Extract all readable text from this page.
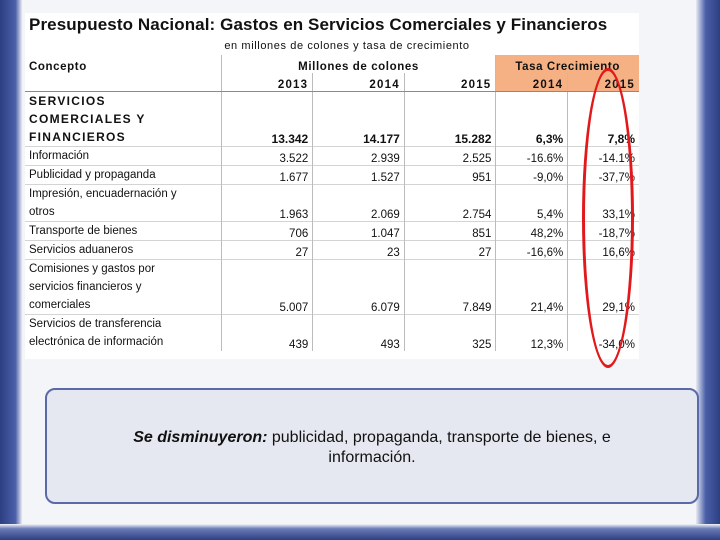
Presupuesto Nacional: Gastos en Servicios Comerciales y Financieros
en millones de colones y tasa de crecimiento
Concepto	Millones de colones			Tasa Crecimiento	
	2013	2014	2015	2014	2015

SERVICIOS
COMERCIALES Y
FINANCIEROS	13.342	14.177	15.282	6,3%	7,8%

Información	3.522	2.939	2.525	-16.6%	-14.1%

Publicidad y propaganda	1.677	1.527	951	-9,0%	-37,7%

Impresión, encuadernación y
otros	1.963	2.069	2.754	5,4%	33,1%

Transporte de bienes	706	1.047	851	48,2%	-18,7%

Servicios aduaneros	27	23	27	-16,6%	16,6%

Comisiones y gastos por
servicios financieros y
comerciales	5.007	6.079	7.849	21,4%	29,1%

Servicios de transferencia
electrónica de información	439	493	325	12,3%	-34,0%
Se disminuyeron: publicidad, propaganda, transporte de bienes, e información.
